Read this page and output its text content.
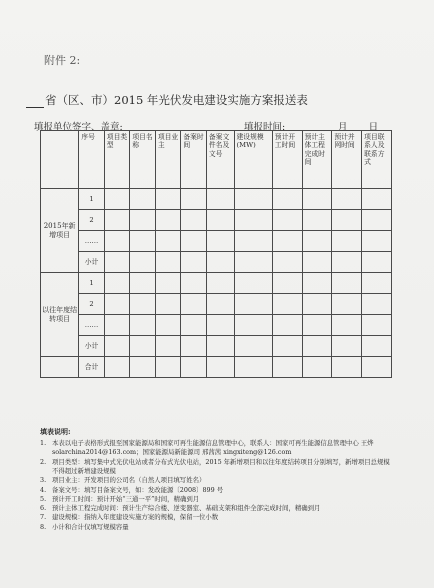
附件 2:
省（区、市）2015 年光伏发电建设实施方案报送表
填报单位签字、盖章:	填报时间:	月 日
	序号	项目类型	项目名称	项目业主	备案时间	备案文件名及文号	建设规模(MW)	预计开工时间	预计主体工程完成时间	预计并网时间	项目联系人及联系方式
2015年新增项目	1										
	2										
	……										
	小计										
以往年度结转项目	1										
	2										
	……										
	小计										
	合计										
填表说明:
1. 本表以电子表格形式报至国家能源局和国家可再生能源信息管理中心，联系人：国家可再生能源信息管理中心 王烨 solarchina2014@163.com；国家能源局新能源司 邢茜茜 xingxiteng@126.com
2. 项目类型：填写集中式光伏电站或者分布式光伏电站，2015 年新增项目和以往年度结转项目分别填写，新增项目总规模不得超过新增建设规模
3. 项目业主：开发项目的公司名（自然人项目填写姓名）
4. 备案文号：填写目备案文号，如：发改能源〔2008〕899 号
5. 预计开工时间：预计开始“三通一平”时间，精确到月
6. 预计主体工程完成时间：预计生产综合楼、逆变器室、基础支架和组件全部完成时间，精确到月
7. 建设规模：指纳入年度建设实施方案的规模，保留一位小数
8. 小计和合计仅填写规模容量
